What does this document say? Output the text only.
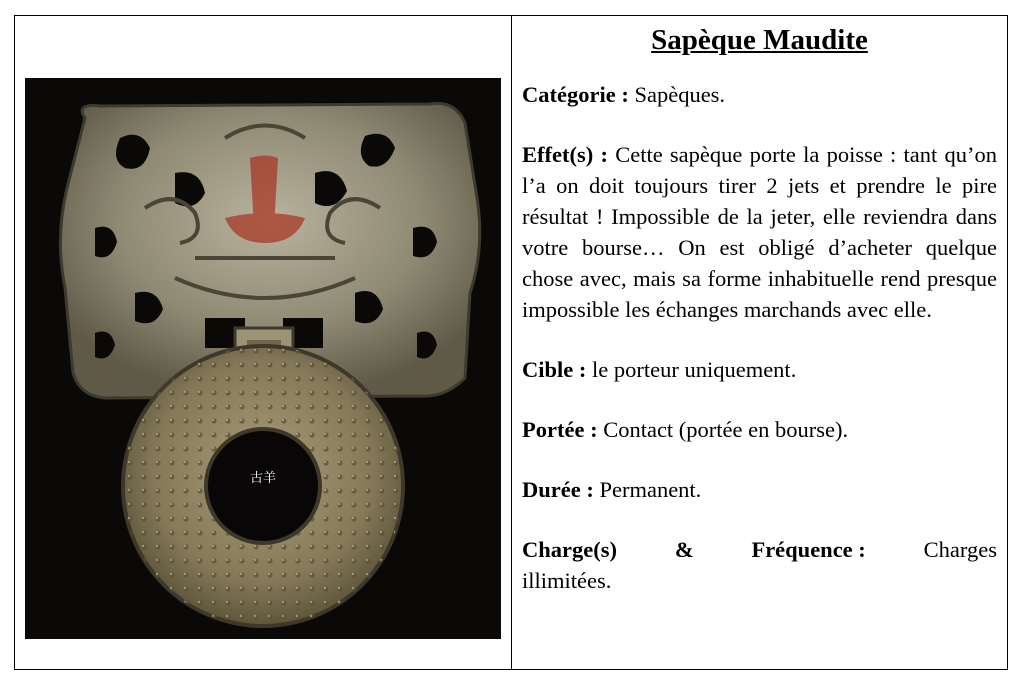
古羊
Sapèque Maudite

Catégorie : Sapèques.

Effet(s) : Cette sapèque porte la poisse : tant qu’on l’a on doit toujours tirer 2 jets et prendre le pire résultat ! Impossible de la jeter, elle reviendra dans votre bourse… On est obligé d’acheter quelque chose avec, mais sa forme inhabituelle rend presque impossible les échanges marchands avec elle.

Cible : le porteur uniquement.

Portée : Contact (portée en bourse).

Durée : Permanent.

Charge(s)	&	Fréquence :	Charges
illimitées.
